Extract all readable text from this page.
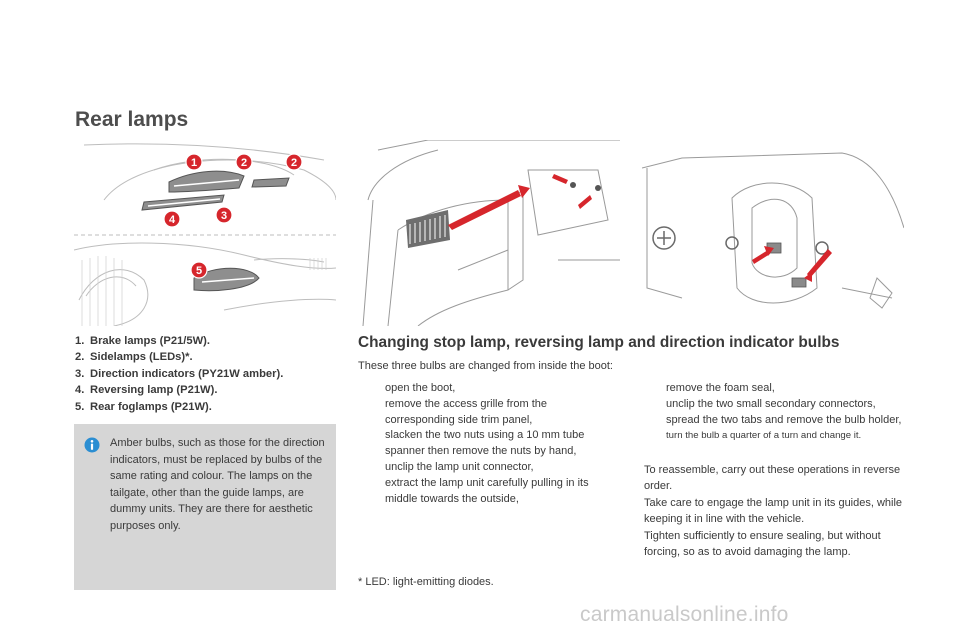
Rear lamps
1	2	2
3
4
5
1. Brake lamps (P21/5W).
2. Sidelamps (LEDs)*.
3. Direction indicators (PY21W amber).
4. Reversing lamp (P21W).
5. Rear foglamps (P21W).
Amber bulbs, such as those for the direction indicators, must be replaced by bulbs of the same rating and colour. The lamps on the tailgate, other than the guide lamps, are dummy units. They are there for aesthetic purposes only.
Changing stop lamp, reversing lamp and direction indicator bulbs
These three bulbs are changed from inside the boot:
open the boot,
remove the access grille from the corresponding side trim panel,
slacken the two nuts using a 10 mm tube spanner then remove the nuts by hand,
unclip the lamp unit connector,
extract the lamp unit carefully pulling in its middle towards the outside,
remove the foam seal,
unclip the two small secondary connectors,
spread the two tabs and remove the bulb holder,
turn the bulb a quarter of a turn and change it.
To reassemble, carry out these operations in reverse order.
Take care to engage the lamp unit in its guides, while keeping it in line with the vehicle.
Tighten sufficiently to ensure sealing, but without forcing, so as to avoid damaging the lamp.
* LED: light-emitting diodes.
carmanualsonline.info
